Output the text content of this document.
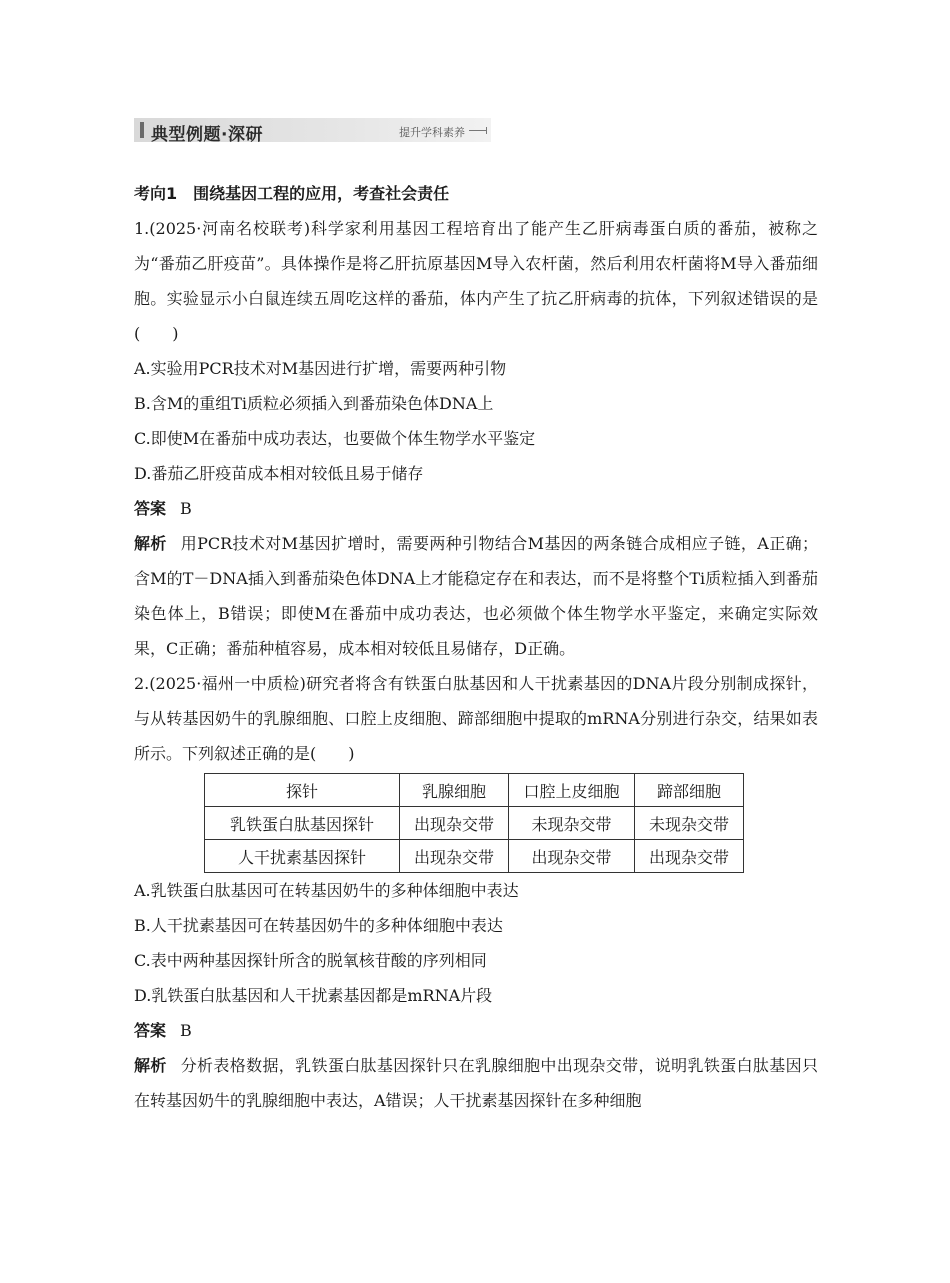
典型例题·深研	提升学科素养
考向1　围绕基因工程的应用，考查社会责任

1.(2025·河南名校联考)科学家利用基因工程培育出了能产生乙肝病毒蛋白质的番茄，被称之为“番茄乙肝疫苗”。具体操作是将乙肝抗原基因M导入农杆菌，然后利用农杆菌将M导入番茄细胞。实验显示小白鼠连续五周吃这样的番茄，体内产生了抗乙肝病毒的抗体，下列叙述错误的是(　　)

A.实验用PCR技术对M基因进行扩增，需要两种引物

B.含M的重组Ti质粒必须插入到番茄染色体DNA上

C.即使M在番茄中成功表达，也要做个体生物学水平鉴定

D.番茄乙肝疫苗成本相对较低且易于储存

答案 B

解析 用PCR技术对M基因扩增时，需要两种引物结合M基因的两条链合成相应子链，A正确；含M的T－DNA插入到番茄染色体DNA上才能稳定存在和表达，而不是将整个Ti质粒插入到番茄染色体上，B错误；即使M在番茄中成功表达，也必须做个体生物学水平鉴定，来确定实际效果，C正确；番茄种植容易，成本相对较低且易储存，D正确。

2.(2025·福州一中质检)研究者将含有铁蛋白肽基因和人干扰素基因的DNA片段分别制成探针，与从转基因奶牛的乳腺细胞、口腔上皮细胞、蹄部细胞中提取的mRNA分别进行杂交，结果如表所示。下列叙述正确的是(　　)

探针	乳腺细胞	口腔上皮细胞	蹄部细胞
乳铁蛋白肽基因探针	出现杂交带	未现杂交带	未现杂交带
人干扰素基因探针	出现杂交带	出现杂交带	出现杂交带

A.乳铁蛋白肽基因可在转基因奶牛的多种体细胞中表达

B.人干扰素基因可在转基因奶牛的多种体细胞中表达

C.表中两种基因探针所含的脱氧核苷酸的序列相同

D.乳铁蛋白肽基因和人干扰素基因都是mRNA片段

答案 B

解析 分析表格数据，乳铁蛋白肽基因探针只在乳腺细胞中出现杂交带，说明乳铁蛋白肽基因只在转基因奶牛的乳腺细胞中表达，A错误；人干扰素基因探针在多种细胞
